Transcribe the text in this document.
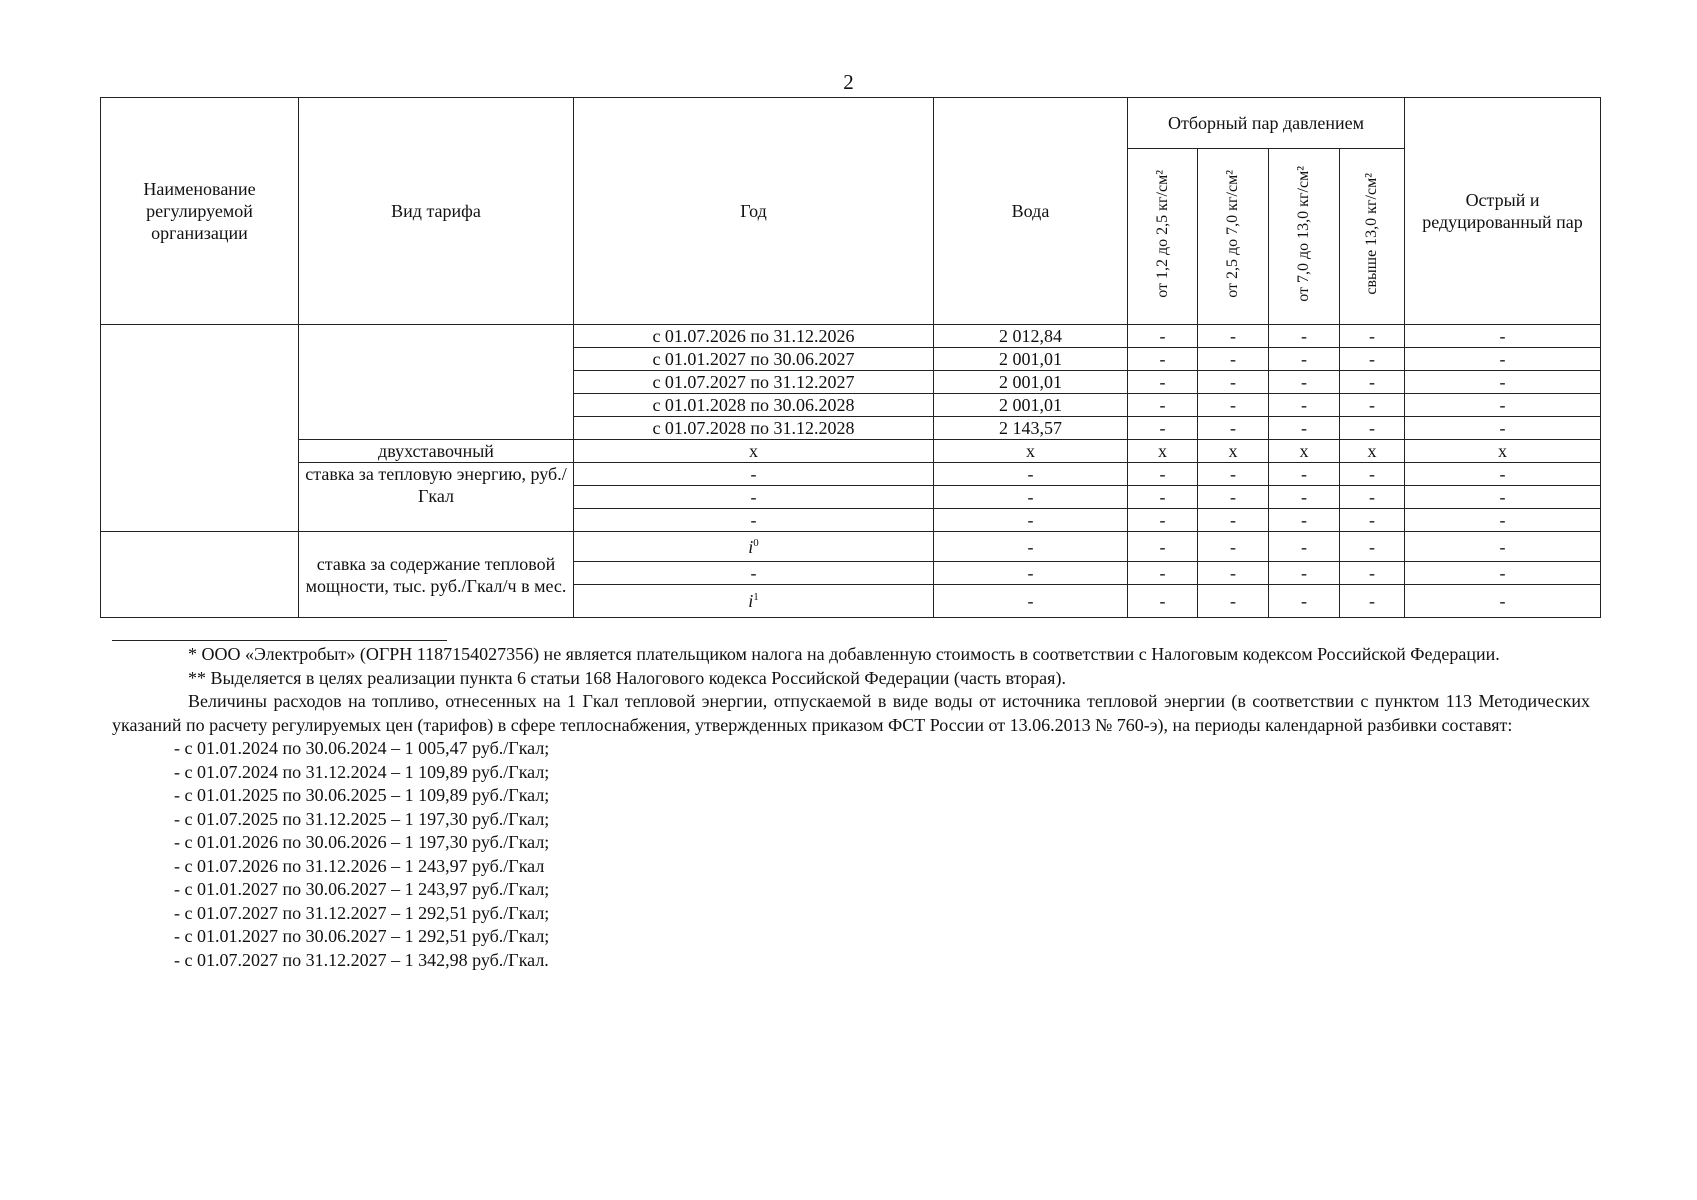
2
Наименование регулируемой организации	Вид тарифа	Год	Вода	Отборный пар давлением				Острый и редуцированный пар
				от 1,2 до 2,5 кг/см²	от 2,5 до 7,0 кг/см²	от 7,0 до 13,0 кг/см²	свыше 13,0 кг/см²	
		с 01.07.2026 по 31.12.2026	2 012,84	-	-	-	-	-
		с 01.01.2027 по 30.06.2027	2 001,01	-	-	-	-	-
		с 01.07.2027 по 31.12.2027	2 001,01	-	-	-	-	-
		с 01.01.2028 по 30.06.2028	2 001,01	-	-	-	-	-
		с 01.07.2028 по 31.12.2028	2 143,57	-	-	-	-	-
	двухставочный	x	x	x	x	x	x	x
	ставка за тепловую энергию, руб./Гкал	-	-	-	-	-	-	-
		-	-	-	-	-	-	-
		-	-	-	-	-	-	-
	ставка за содержание тепловой мощности, тыс. руб./Гкал/ч в мес.	$i^0$	-	-	-	-	-	-
		-	-	-	-	-	-	-
		$i^1$	-	-	-	-	-	-

* ООО «Электробыт» (ОГРН 1187154027356) не является плательщиком налога на добавленную стоимость в соответствии с Налоговым кодексом Российской Федерации.

** Выделяется в целях реализации пункта 6 статьи 168 Налогового кодекса Российской Федерации (часть вторая).

Величины расходов на топливо, отнесенных на 1 Гкал тепловой энергии, отпускаемой в виде воды от источника тепловой энергии (в соответствии с пунктом 113 Методических указаний по расчету регулируемых цен (тарифов) в сфере теплоснабжения, утвержденных приказом ФСТ России от 13.06.2013 № 760-э), на периоды календарной разбивки составят:

- с 01.01.2024 по 30.06.2024 – 1 005,47 руб./Гкал;
- с 01.07.2024 по 31.12.2024 – 1 109,89 руб./Гкал;
- с 01.01.2025 по 30.06.2025 – 1 109,89 руб./Гкал;
- с 01.07.2025 по 31.12.2025 – 1 197,30 руб./Гкал;
- с 01.01.2026 по 30.06.2026 – 1 197,30 руб./Гкал;
- с 01.07.2026 по 31.12.2026 – 1 243,97 руб./Гкал
- с 01.01.2027 по 30.06.2027 – 1 243,97 руб./Гкал;
- с 01.07.2027 по 31.12.2027 – 1 292,51 руб./Гкал;
- с 01.01.2027 по 30.06.2027 – 1 292,51 руб./Гкал;
- с 01.07.2027 по 31.12.2027 – 1 342,98 руб./Гкал.
